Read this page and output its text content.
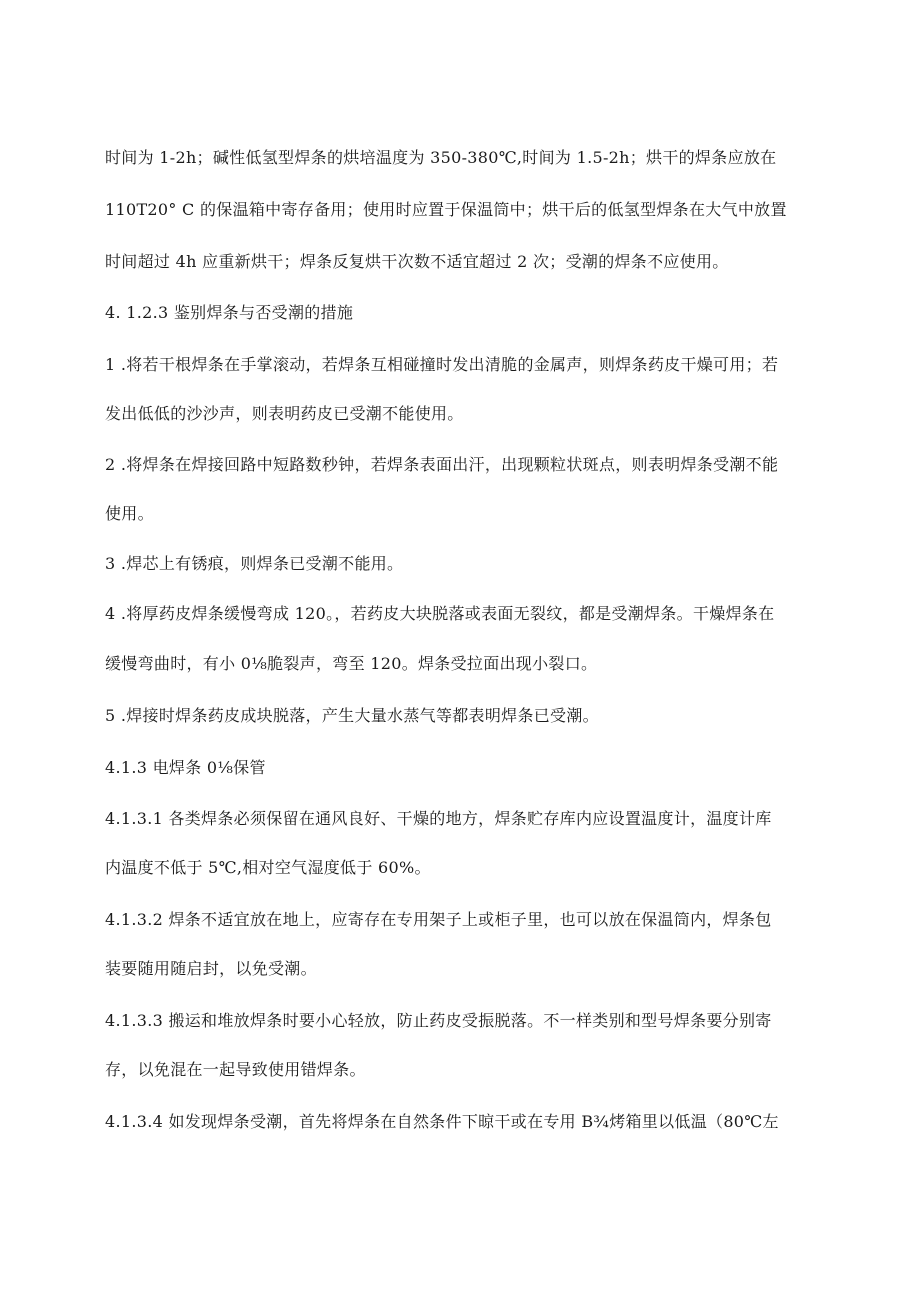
时间为 1-2h；碱性低氢型焊条的烘培温度为 350-380℃,时间为 1.5-2h；烘干的焊条应放在
110T20° C 的保温箱中寄存备用；使用时应置于保温筒中；烘干后的低氢型焊条在大气中放置
时间超过 4h 应重新烘干；焊条反复烘干次数不适宜超过 2 次；受潮的焊条不应使用。
4. 1.2.3 鉴别焊条与否受潮的措施
1 .将若干根焊条在手掌滚动，若焊条互相碰撞时发出清脆的金属声，则焊条药皮干燥可用；若
发出低低的沙沙声，则表明药皮已受潮不能使用。
2 .将焊条在焊接回路中短路数秒钟，若焊条表面出汗，出现颗粒状斑点，则表明焊条受潮不能
使用。
3 .焊芯上有锈痕，则焊条已受潮不能用。
4 .将厚药皮焊条缓慢弯成 120。，若药皮大块脱落或表面无裂纹，都是受潮焊条。干燥焊条在
缓慢弯曲时，有小 0⅛脆裂声，弯至 120。焊条受拉面出现小裂口。
5 .焊接时焊条药皮成块脱落，产生大量水蒸气等都表明焊条已受潮。
4.1.3 电焊条 0⅛保管
4.1.3.1 各类焊条必须保留在通风良好、干燥的地方，焊条贮存库内应设置温度计，温度计库
内温度不低于 5℃,相对空气湿度低于 60%。
4.1.3.2 焊条不适宜放在地上，应寄存在专用架子上或柜子里，也可以放在保温筒内，焊条包
装要随用随启封，以免受潮。
4.1.3.3 搬运和堆放焊条时要小心轻放，防止药皮受振脱落。不一样类别和型号焊条要分别寄
存，以免混在一起导致使用错焊条。
4.1.3.4 如发现焊条受潮，首先将焊条在自然条件下晾干或在专用 B¾烤箱里以低温（80℃左
